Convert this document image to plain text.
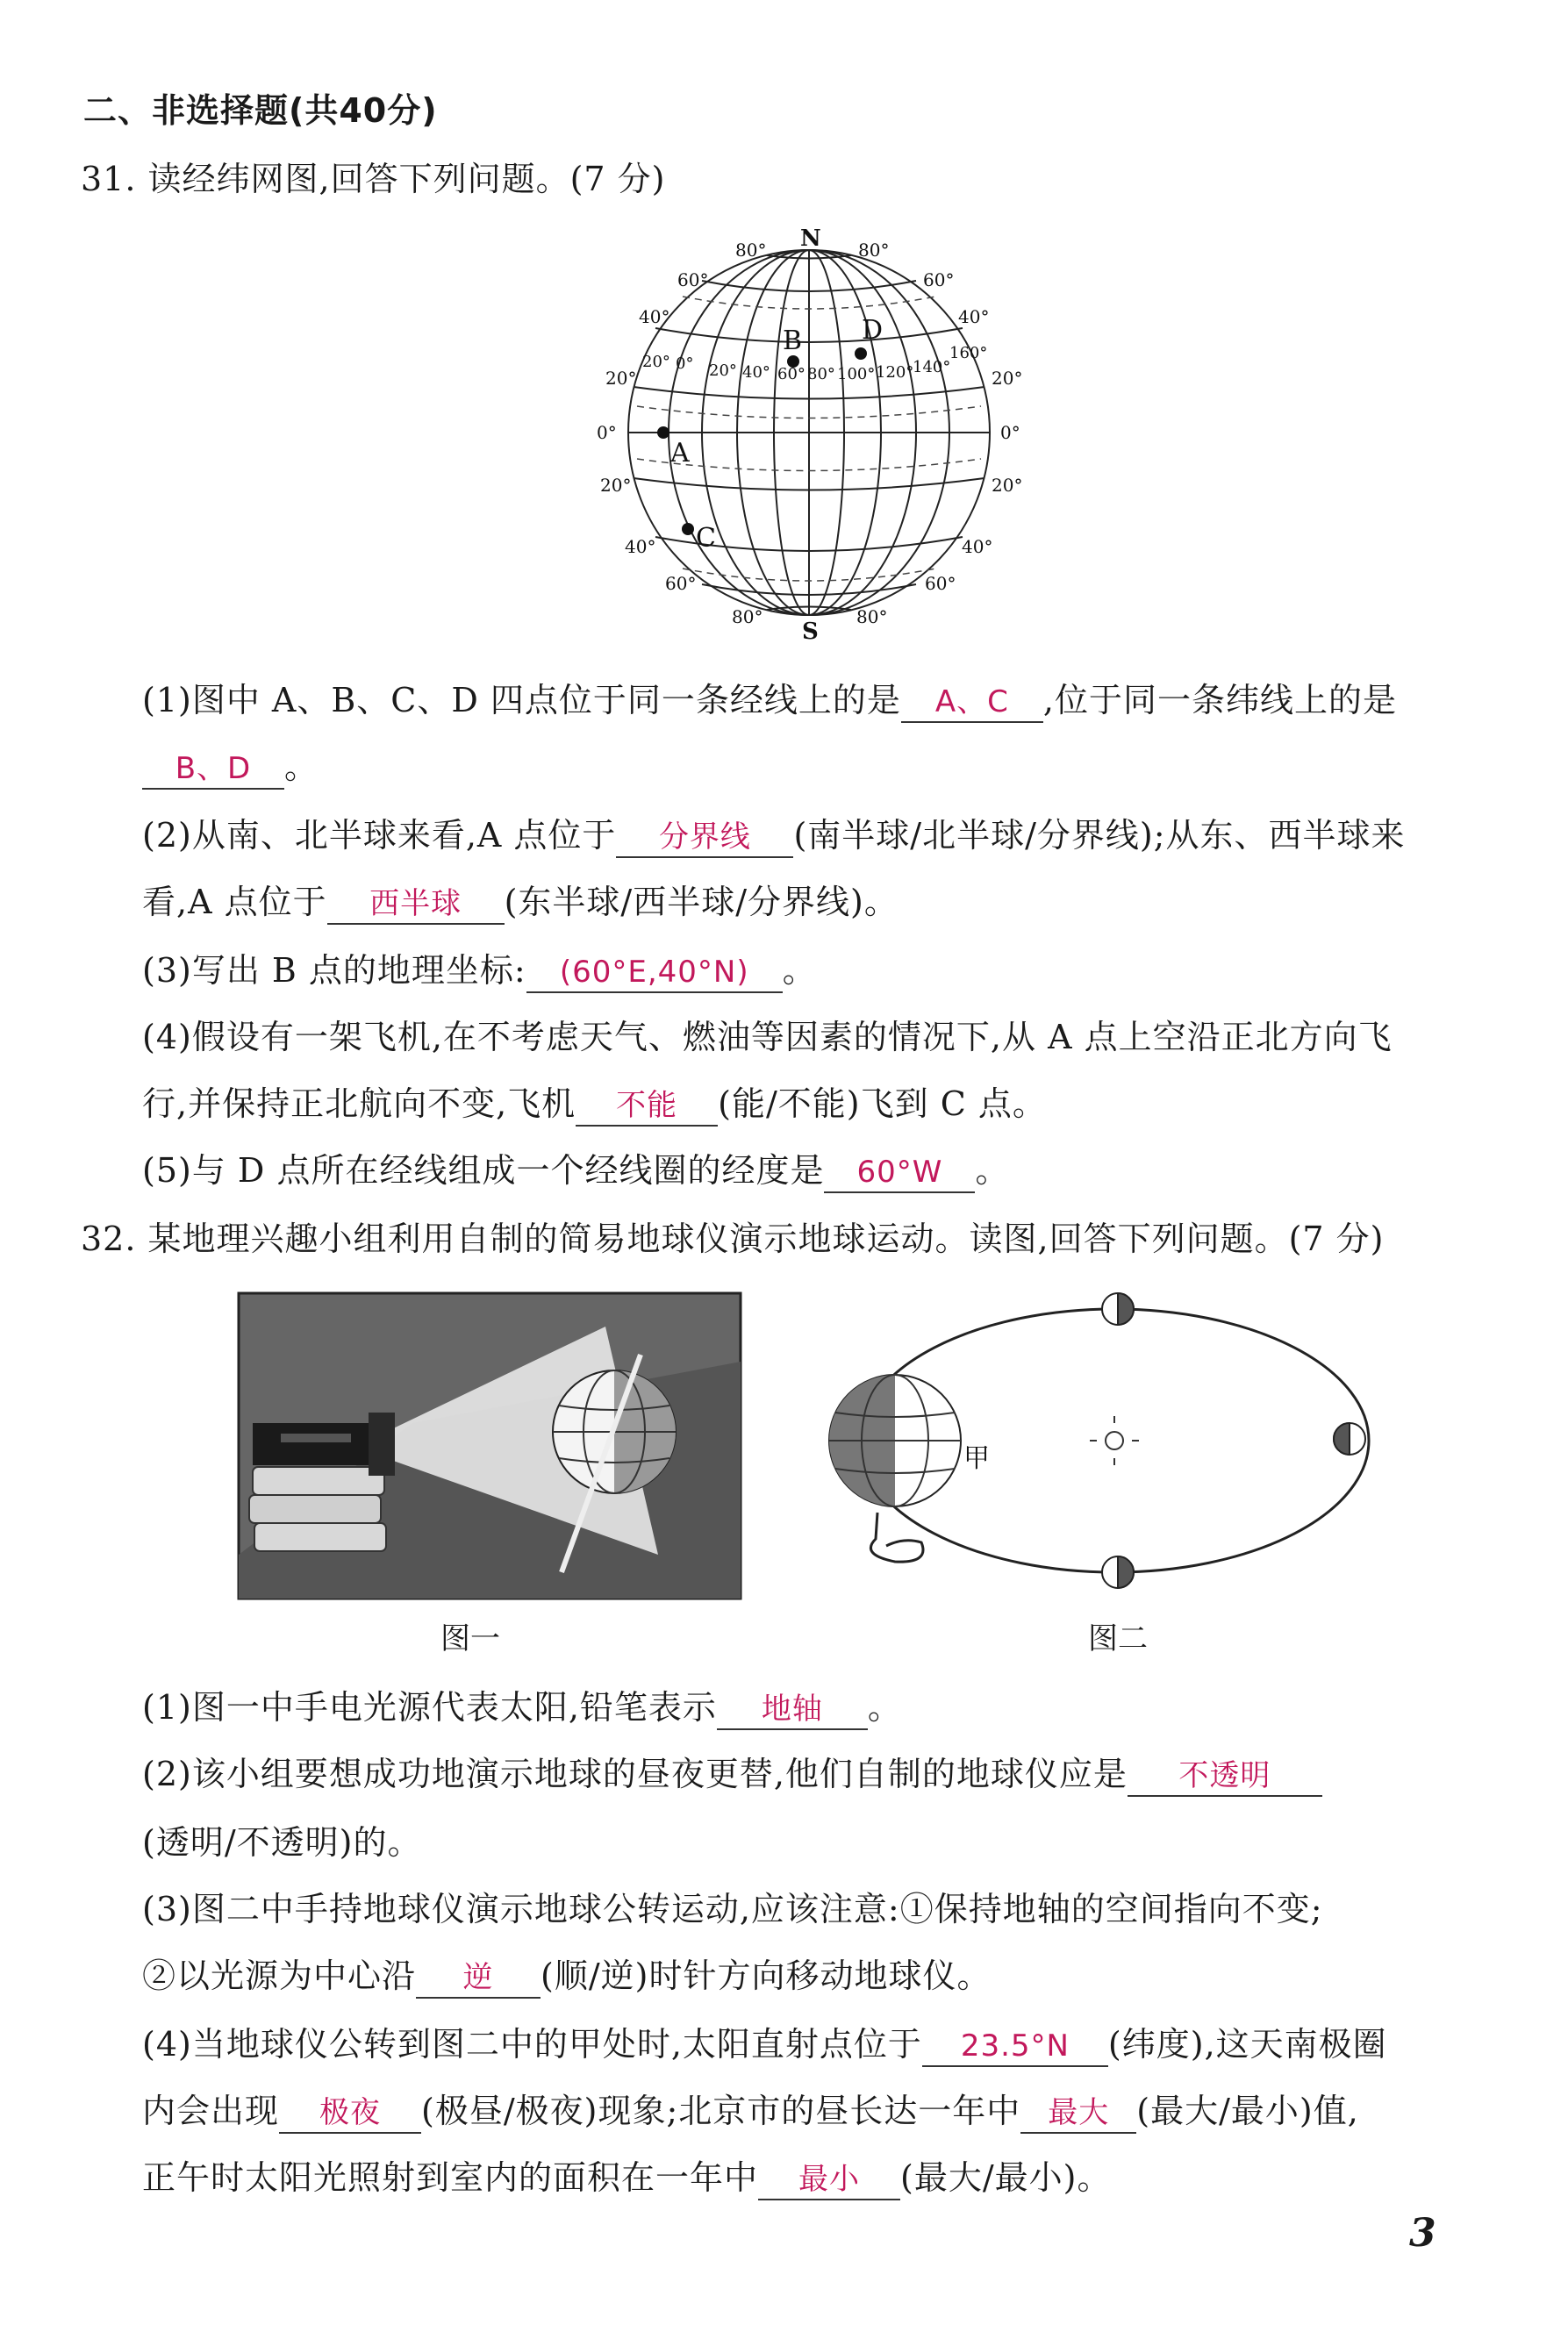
二、非选择题(共40分)
31. 读经纬网图,回答下列问题。(7 分)
A
B
C
D
N
S
80°
60°
40°
20°
0°
20°
40°
60°
80°
80°
60°
40°
20°
0°
20°
40°
60°
80°
20° 0° 20° 40° 60° 80° 100° 120°
140°
160°
(1)图中 A、B、C、D 四点位于同一条经线上的是 A、C ,位于同一条纬线上的是
B、D 。
(2)从南、北半球来看,A 点位于 分界线 (南半球/北半球/分界线);从东、西半球来
看,A 点位于 西半球 (东半球/西半球/分界线)。
(3)写出 B 点的地理坐标: (60°E,40°N) 。
(4)假设有一架飞机,在不考虑天气、燃油等因素的情况下,从 A 点上空沿正北方向飞
行,并保持正北航向不变,飞机 不能 (能/不能)飞到 C 点。
(5)与 D 点所在经线组成一个经线圈的经度是 60°W 。
32. 某地理兴趣小组利用自制的简易地球仪演示地球运动。读图,回答下列问题。(7 分)
图一
甲
图二
(1)图一中手电光源代表太阳,铅笔表示 地轴 。
(2)该小组要想成功地演示地球的昼夜更替,他们自制的地球仪应是 不透明
(透明/不透明)的。
(3)图二中手持地球仪演示地球公转运动,应该注意:①保持地轴的空间指向不变;
②以光源为中心沿 逆 (顺/逆)时针方向移动地球仪。
(4)当地球仪公转到图二中的甲处时,太阳直射点位于 23.5°N (纬度),这天南极圈
内会出现 极夜 (极昼/极夜)现象;北京市的昼长达一年中 最大 (最大/最小)值,
正午时太阳光照射到室内的面积在一年中 最小 (最大/最小)。
3
